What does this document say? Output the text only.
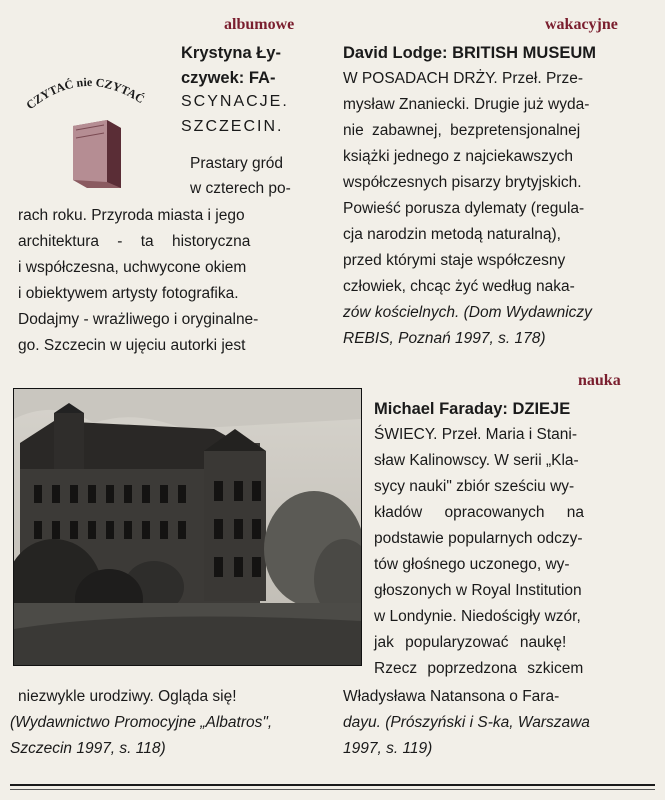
CZYTAĆ nie CZYTAĆ
albumowe
Krystyna Ły-
czywek: FA-
SCYNACJE.
SZCZECIN.
Prastary gród
w czterech po-
rach roku. Przyroda miasta i jego
architektura - ta historyczna
i współczesna, uchwycone okiem
i obiektywem artysty fotografika.
Dodajmy - wrażliwego i oryginalne-
go. Szczecin w ujęciu autorki jest
wakacyjne
David Lodge: BRITISH MUSEUM
W POSADACH DRŻY. Przeł. Prze-
mysław Znaniecki. Drugie już wyda-
nie zabawnej, bezpretensjonalnej
książki jednego z najciekawszych
współczesnych pisarzy brytyjskich.
Powieść porusza dylematy (regula-
cja narodzin metodą naturalną),
przed którymi staje współczesny
człowiek, chcąc żyć według naka-
zów kościelnych. (Dom Wydawniczy
REBIS, Poznań 1997, s. 178)
nauka
Michael Faraday: DZIEJE
ŚWIECY. Przeł. Maria i Stani-
sław Kalinowscy. W serii „Kla-
sycy nauki" zbiór sześciu wy-
kładów opracowanych na
podstawie popularnych odczy-
tów głośnego uczonego, wy-
głoszonych w Royal Institution
w Londynie. Niedościgły wzór,
jak popularyzować naukę!
Rzecz poprzedzona szkicem
Władysława Natansona o Fara-
dayu. (Prószyński i S-ka, Warszawa
1997, s. 119)
niezwykle urodziwy. Ogląda się!
(Wydawnictwo Promocyjne „Albatros",
Szczecin 1997, s. 118)
